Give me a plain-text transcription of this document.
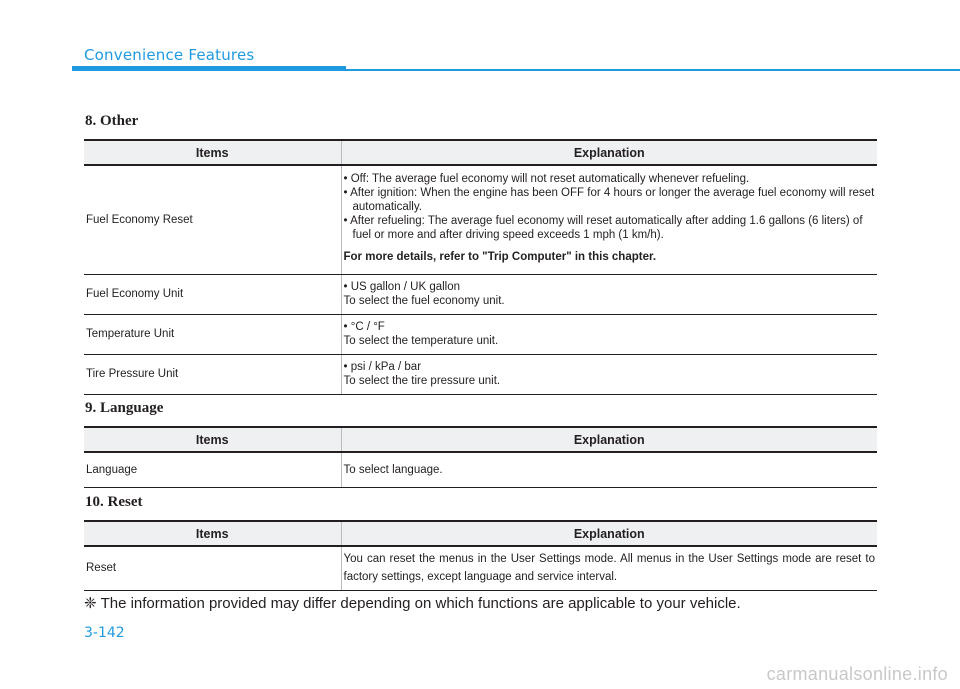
Convenience Features
8. Other
Items	Explanation
Fuel Economy Reset	• Off: The average fuel economy will not reset automatically whenever refueling.

• After ignition: When the engine has been OFF for 4 hours or longer the average fuel economy will reset automatically.

• After refueling: The average fuel economy will reset automatically after adding 1.6 gallons (6 liters) of fuel or more and after driving speed exceeds 1 mph (1 km/h).

For more details, refer to "Trip Computer" in this chapter.

Fuel Economy Unit	• US gallon / UK gallon

To select the fuel economy unit.

Temperature Unit	• °C / °F

To select the temperature unit.

Tire Pressure Unit	• psi / kPa / bar

To select the tire pressure unit.

9. Language
Items	Explanation
Language	To select language.
10. Reset
Items	Explanation
Reset	You can reset the menus in the User Settings mode. All menus in the User Settings mode are reset to factory settings, except language and service interval.

❈ The information provided may differ depending on which functions are applicable to your vehicle.
3-142
carmanualsonline.info
